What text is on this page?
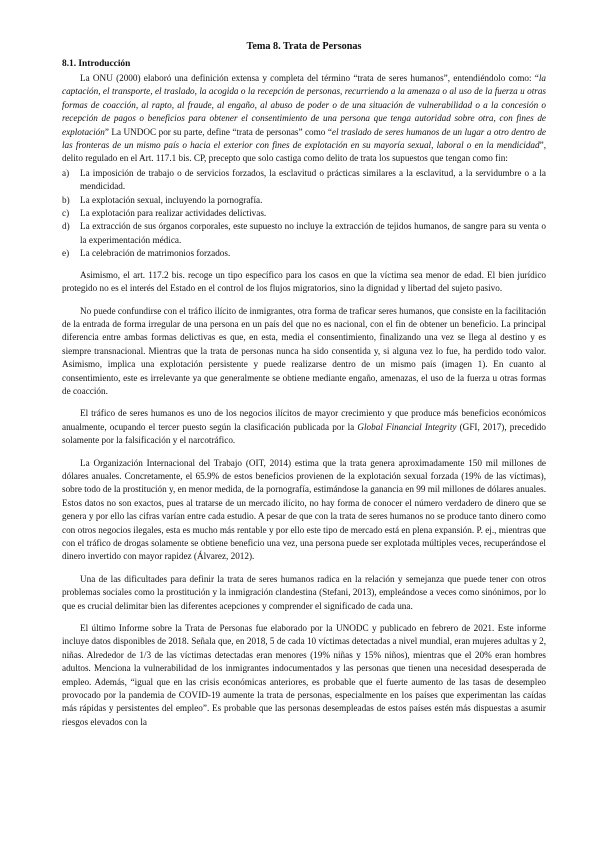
Tema 8. Trata de Personas
8.1. Introducción

La ONU (2000) elaboró una definición extensa y completa del término “trata de seres humanos”, entendiéndolo como: “la captación, el transporte, el traslado, la acogida o la recepción de personas, recurriendo a la amenaza o al uso de la fuerza u otras formas de coacción, al rapto, al fraude, al engaño, al abuso de poder o de una situación de vulnerabilidad o a la concesión o recepción de pagos o beneficios para obtener el consentimiento de una persona que tenga autoridad sobre otra, con fines de explotación” La UNDOC por su parte, define “trata de personas” como “el traslado de seres humanos de un lugar a otro dentro de las fronteras de un mismo país o hacia el exterior con fines de explotación en su mayoría sexual, laboral o en la mendicidad”, delito regulado en el Art. 117.1 bis. CP, precepto que solo castiga como delito de trata los supuestos que tengan como fin:

a) La imposición de trabajo o de servicios forzados, la esclavitud o prácticas similares a la esclavitud, a la servidumbre o a la mendicidad.
b) La explotación sexual, incluyendo la pornografía.
c) La explotación para realizar actividades delictivas.
d) La extracción de sus órganos corporales, este supuesto no incluye la extracción de tejidos humanos, de sangre para su venta o la experimentación médica.
e) La celebración de matrimonios forzados.

Asimismo, el art. 117.2 bis. recoge un tipo específico para los casos en que la víctima sea menor de edad. El bien jurídico protegido no es el interés del Estado en el control de los flujos migratorios, sino la dignidad y libertad del sujeto pasivo.

No puede confundirse con el tráfico ilícito de inmigrantes, otra forma de traficar seres humanos, que consiste en la facilitación de la entrada de forma irregular de una persona en un país del que no es nacional, con el fin de obtener un beneficio. La principal diferencia entre ambas formas delictivas es que, en esta, media el consentimiento, finalizando una vez se llega al destino y es siempre transnacional. Mientras que la trata de personas nunca ha sido consentida y, si alguna vez lo fue, ha perdido todo valor. Asimismo, implica una explotación persistente y puede realizarse dentro de un mismo país (imagen 1). En cuanto al consentimiento, este es irrelevante ya que generalmente se obtiene mediante engaño, amenazas, el uso de la fuerza u otras formas de coacción.

El tráfico de seres humanos es uno de los negocios ilícitos de mayor crecimiento y que produce más beneficios económicos anualmente, ocupando el tercer puesto según la clasificación publicada por la Global Financial Integrity (GFI, 2017), precedido solamente por la falsificación y el narcotráfico.

La Organización Internacional del Trabajo (OIT, 2014) estima que la trata genera aproximadamente 150 mil millones de dólares anuales. Concretamente, el 65.9% de estos beneficios provienen de la explotación sexual forzada (19% de las víctimas), sobre todo de la prostitución y, en menor medida, de la pornografía, estimándose la ganancia en 99 mil millones de dólares anuales. Estos datos no son exactos, pues al tratarse de un mercado ilícito, no hay forma de conocer el número verdadero de dinero que se genera y por ello las cifras varían entre cada estudio. A pesar de que con la trata de seres humanos no se produce tanto dinero como con otros negocios ilegales, esta es mucho más rentable y por ello este tipo de mercado está en plena expansión. P. ej., mientras que con el tráfico de drogas solamente se obtiene beneficio una vez, una persona puede ser explotada múltiples veces, recuperándose el dinero invertido con mayor rapidez (Álvarez, 2012).

Una de las dificultades para definir la trata de seres humanos radica en la relación y semejanza que puede tener con otros problemas sociales como la prostitución y la inmigración clandestina (Stefani, 2013), empleándose a veces como sinónimos, por lo que es crucial delimitar bien las diferentes acepciones y comprender el significado de cada una.

El último Informe sobre la Trata de Personas fue elaborado por la UNODC y publicado en febrero de 2021. Este informe incluye datos disponibles de 2018. Señala que, en 2018, 5 de cada 10 víctimas detectadas a nivel mundial, eran mujeres adultas y 2, niñas. Alrededor de 1/3 de las víctimas detectadas eran menores (19% niñas y 15% niños), mientras que el 20% eran hombres adultos. Menciona la vulnerabilidad de los inmigrantes indocumentados y las personas que tienen una necesidad desesperada de empleo. Además, “igual que en las crisis económicas anteriores, es probable que el fuerte aumento de las tasas de desempleo provocado por la pandemia de COVID-19 aumente la trata de personas, especialmente en los países que experimentan las caídas más rápidas y persistentes del empleo”. Es probable que las personas desempleadas de estos países estén más dispuestas a asumir riesgos elevados con la
